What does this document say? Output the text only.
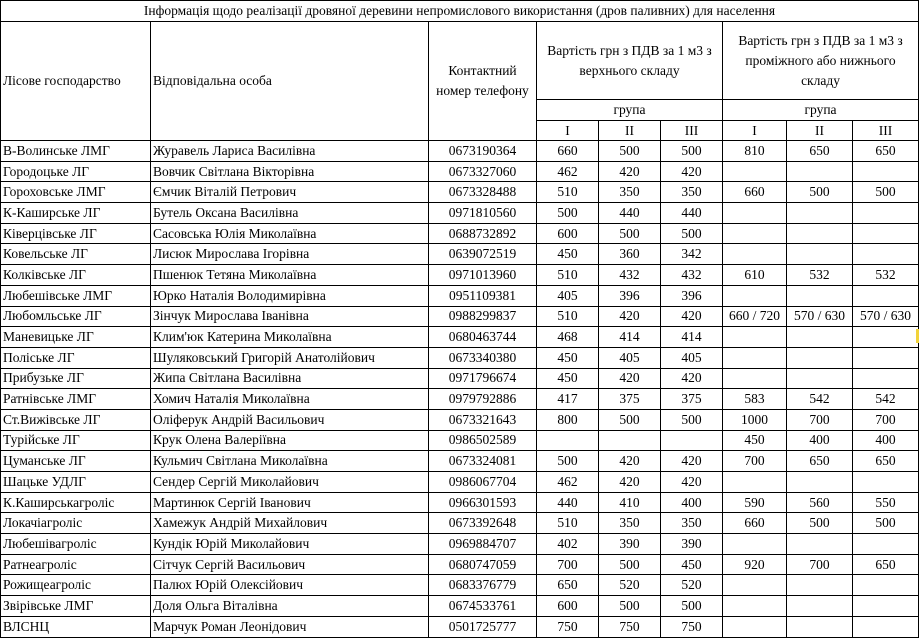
Інформація щодо реалізації дровяної деревини непромислового використання (дров паливних) для населення								
Лісове господарство	Відповідальна особа	Контактний номер телефону	Вартість грн з ПДВ за 1 м3 з верхнього складу			Вартість грн з ПДВ за 1 м3 з проміжного або нижнього складу		
			група			група		
			I	II	III	I	II	III
В-Волинське ЛМГ	Журавель Лариса Василівна	0673190364	660	500	500	810	650	650
Городоцьке ЛГ	Вовчик Світлана Вікторівна	0673327060	462	420	420			
Гороховське ЛМГ	Ємчик Віталій Петрович	0673328488	510	350	350	660	500	500
К-Каширське ЛГ	Бутель Оксана Василівна	0971810560	500	440	440			
Ківерцівське ЛГ	Сасовська Юлія Миколаївна	0688732892	600	500	500			
Ковельське ЛГ	Лисюк Мирослава Ігорівна	0639072519	450	360	342			
Колківське ЛГ	Пшенюк Тетяна Миколаївна	0971013960	510	432	432	610	532	532
Любешівське ЛМГ	Юрко Наталія Володимирівна	0951109381	405	396	396			
Любомльське ЛГ	Зінчук Мирослава Іванівна	0988299837	510	420	420	660 / 720	570 / 630	570 / 630
Маневицьке ЛГ	Клим'юк Катерина Миколаївна	0680463744	468	414	414			
Поліське ЛГ	Шуляковський Григорій Анатолійович	0673340380	450	405	405			
Прибузьке ЛГ	Жипа Світлана Василівна	0971796674	450	420	420			
Ратнівське ЛМГ	Хомич Наталія Миколаївна	0979792886	417	375	375	583	542	542
Ст.Вижівське ЛГ	Оліферук Андрій Васильович	0673321643	800	500	500	1000	700	700
Турійське ЛГ	Крук Олена Валеріївна	0986502589				450	400	400
Цуманське ЛГ	Кульмич Світлана Миколаївна	0673324081	500	420	420	700	650	650
Шацьке УДЛГ	Сендер Сергій Миколайович	0986067704	462	420	420			
К.Каширськагроліс	Мартинюк Сергій Іванович	0966301593	440	410	400	590	560	550
Локачіагроліс	Хамежук Андрій Михайлович	0673392648	510	350	350	660	500	500
Любешівагроліс	Кундік Юрій Миколайович	0969884707	402	390	390			
Ратнеагроліс	Сітчук Сергій Васильович	0680747059	700	500	450	920	700	650
Рожищеагроліс	Палюх Юрій Олексійович	0683376779	650	520	520			
Звірівське ЛМГ	Доля Ольга Віталівна	0674533761	600	500	500			
ВЛСНЦ	Марчук Роман Леонідович	0501725777	750	750	750			
